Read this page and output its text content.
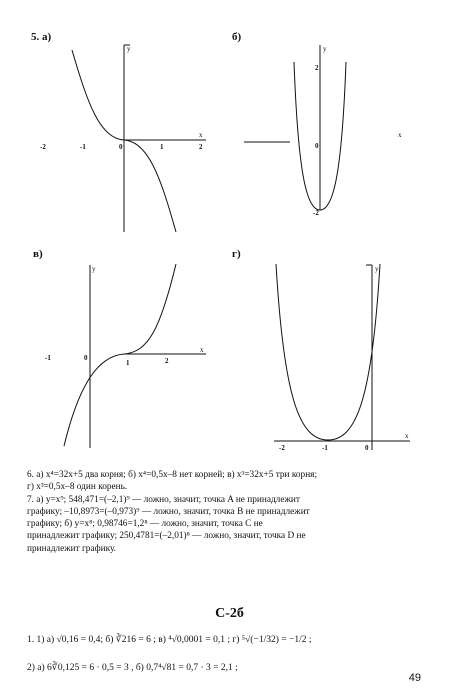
5. а)	б)
в)	г)
y
x
-2	-1	0	1	2
y
x
2
0
-2
y
x
-1	0
1	2
y
x
-2	-1	0
6. а) x⁴=32x+5 два корня; б) x⁴=0,5x–8 нет корней; в) x³=32x+5 три корня;
г) x³=0,5x–8 один корень.
7. а) y=x⁹; 548,471=(–2,1)⁹ — ложно, значит, точка A не принадлежит
графику; –10,8973=(–0,973)⁹ — ложно, значит, точка B не принадлежит
графику; б) y=x⁸; 0,98746=1,2⁸ — ложно, значит, точка C не
принадлежит графику; 250,4781=(–2,01)⁸ — ложно, значит, точка D не
принадлежит графику.
С-2б
1. 1) а) √0,16 = 0,4; б) ∛216 = 6 ; в) ⁴√0,0001 = 0,1 ; г) ⁵√(−1/32) = −1/2 ;
2) а) 6∛0,125 = 6 · 0,5 = 3 , б) 0,7⁴√81 = 0,7 · 3 = 2,1 ;
49
